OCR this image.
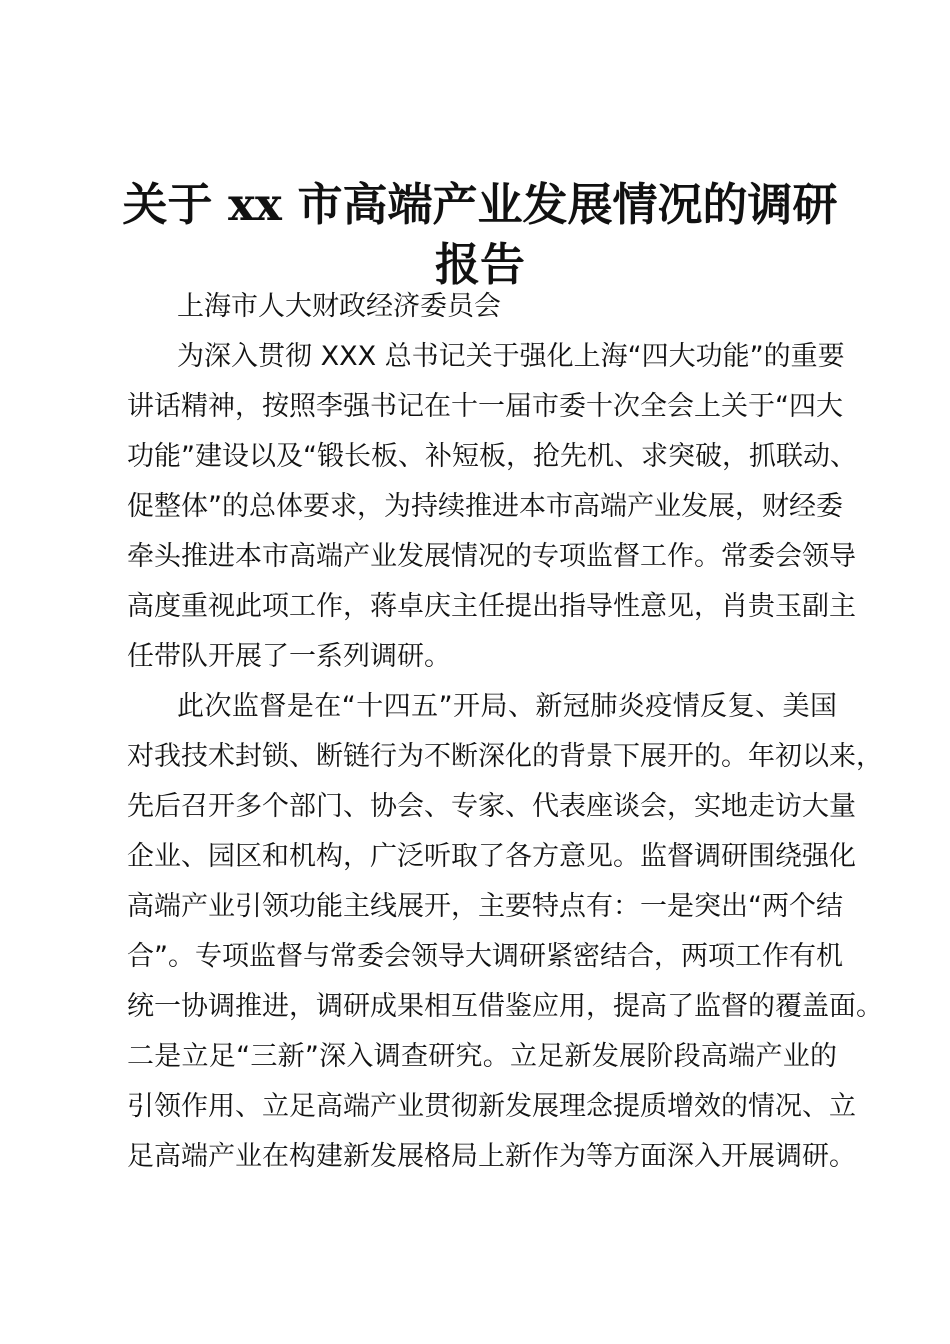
关于 xx 市高端产业发展情况的调研报告

上海市人大财政经济委员会

为深入贯彻 XXX 总书记关于强化上海“四大功能”的重要

讲话精神，按照李强书记在十一届市委十次全会上关于“四大

功能”建设以及“锻长板、补短板，抢先机、求突破，抓联动、

促整体”的总体要求，为持续推进本市高端产业发展，财经委

牵头推进本市高端产业发展情况的专项监督工作。常委会领导

高度重视此项工作，蒋卓庆主任提出指导性意见，肖贵玉副主

任带队开展了一系列调研。

此次监督是在“十四五”开局、新冠肺炎疫情反复、美国

对我技术封锁、断链行为不断深化的背景下展开的。年初以来，

先后召开多个部门、协会、专家、代表座谈会，实地走访大量

企业、园区和机构，广泛听取了各方意见。监督调研围绕强化

高端产业引领功能主线展开，主要特点有：一是突出“两个结

合”。专项监督与常委会领导大调研紧密结合，两项工作有机

统一协调推进，调研成果相互借鉴应用，提高了监督的覆盖面。

二是立足“三新”深入调查研究。立足新发展阶段高端产业的

引领作用、立足高端产业贯彻新发展理念提质增效的情况、立

足高端产业在构建新发展格局上新作为等方面深入开展调研。
